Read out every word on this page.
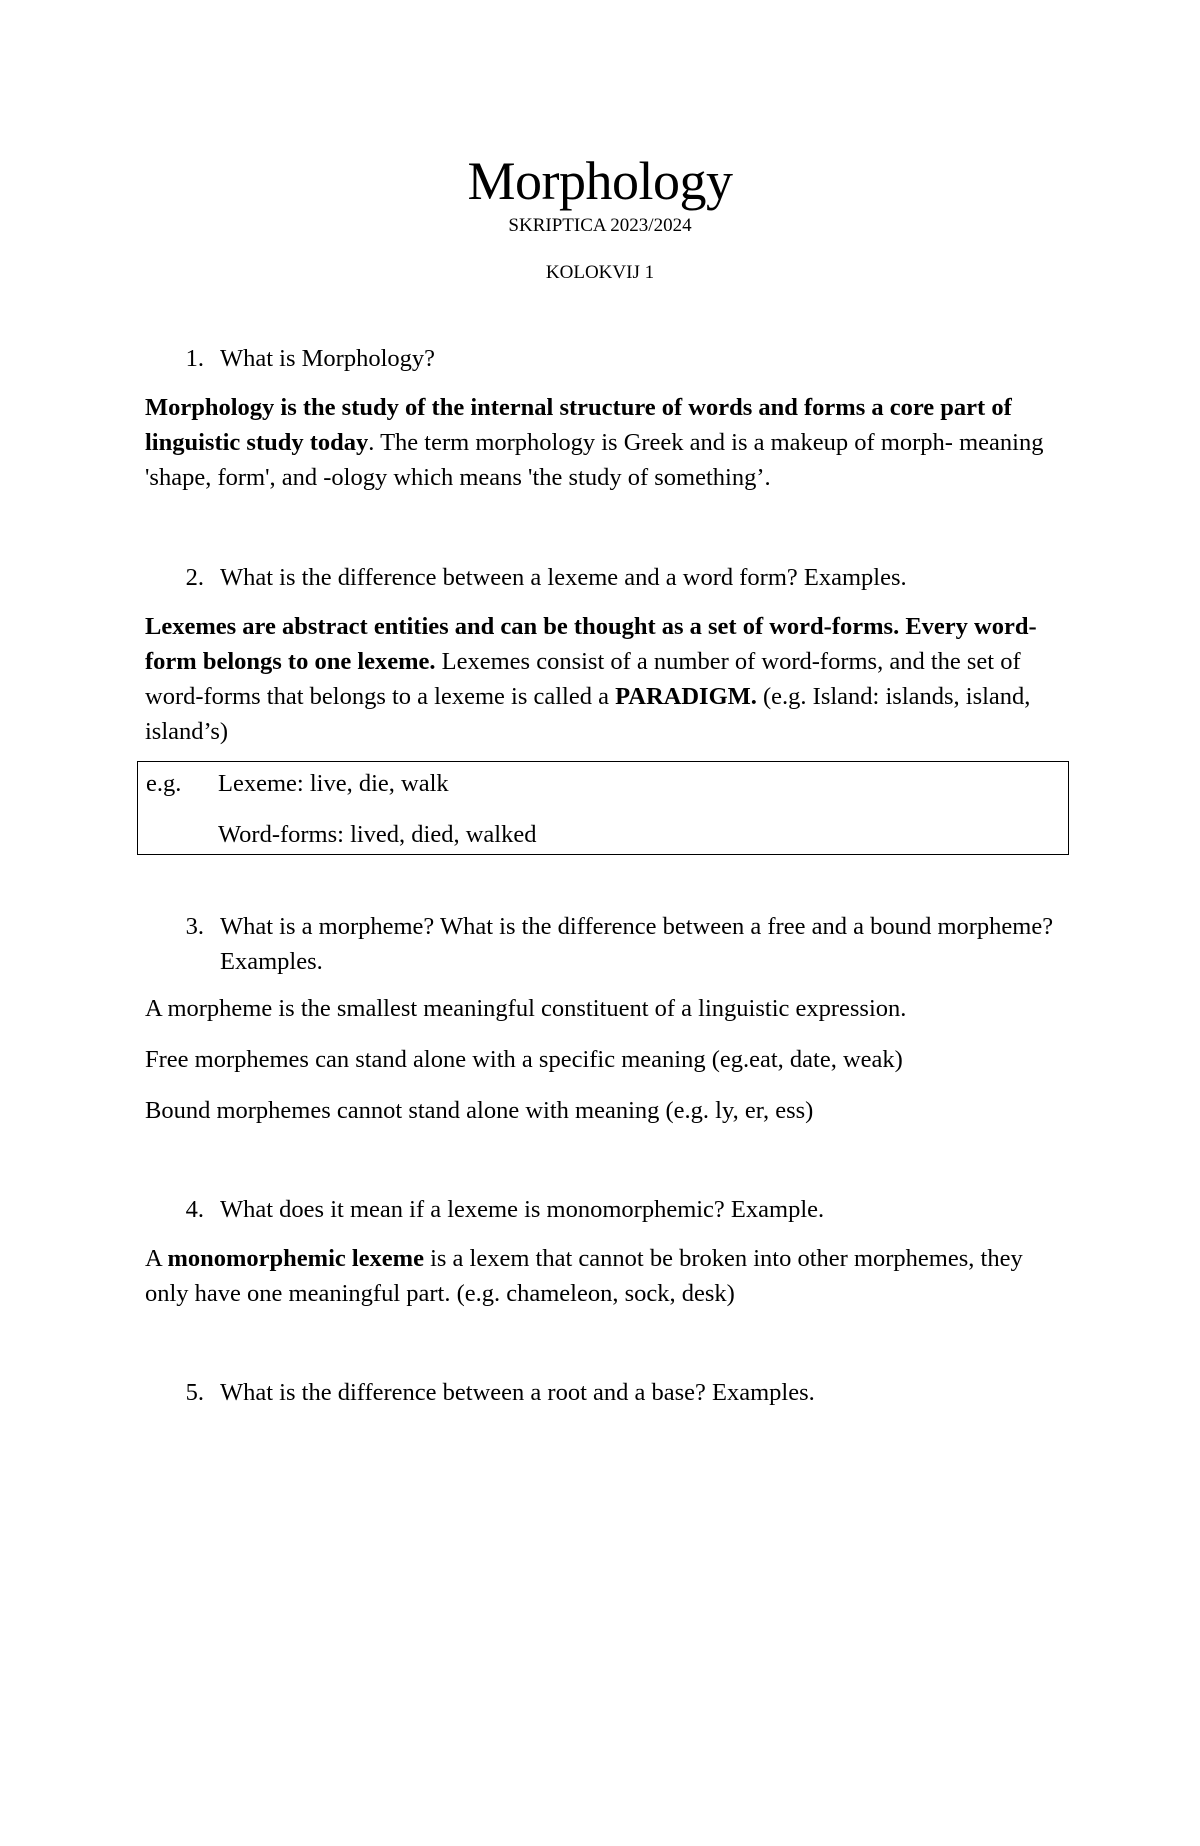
Morphology
SKRIPTICA 2023/2024
KOLOKVIJ 1
1. What is Morphology?

Morphology is the study of the internal structure of words and forms a core part of linguistic study today. The term morphology is Greek and is a makeup of morph- meaning 'shape, form', and -ology which means 'the study of something’.

2. What is the difference between a lexeme and a word form? Examples.

Lexemes are abstract entities and can be thought as a set of word-forms. Every word-form belongs to one lexeme. Lexemes consist of a number of word-forms, and the set of word-forms that belongs to a lexeme is called a PARADIGM. (e.g. Island: islands, island, island’s)

e.g.	Lexeme: live, die, walk
Word-forms: lived, died, walked
3. What is a morpheme? What is the difference between a free and a bound morpheme? Examples.

A morpheme is the smallest meaningful constituent of a linguistic expression.

Free morphemes can stand alone with a specific meaning (eg.eat, date, weak)

Bound morphemes cannot stand alone with meaning (e.g. ly, er, ess)

4. What does it mean if a lexeme is monomorphemic? Example.

A monomorphemic lexeme is a lexem that cannot be broken into other morphemes, they only have one meaningful part. (e.g. chameleon, sock, desk)

5. What is the difference between a root and a base? Examples.
